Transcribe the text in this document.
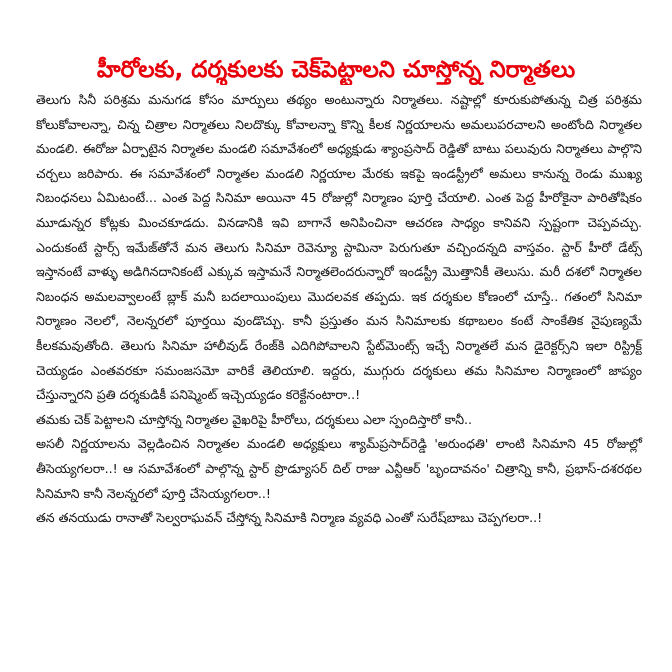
హీరోలకు, దర్శకులకు చెక్‌పెట్టాలని చూస్తోన్న నిర్మాతలు

తెలుగు సినీ పరిశ్రమ మనుగడ కోసం మార్పులు తథ్యం అంటున్నారు నిర్మాతలు. నష్టాల్లో కూరుకుపోతున్న చిత్ర పరిశ్రమ కోలుకోవాలన్నా, చిన్న చిత్రాల నిర్మాతలు నిలదొక్కు కోవాలన్నా కొన్ని కీలక నిర్ణయాలను అమలుపరచాలని అంటోంది నిర్మాతల మండలి. ఈరోజు ఏర్పాటైన నిర్మాతల మండలి సమావేశంలో అధ్యక్షుడు శ్యాంప్రసాద్ రెడ్డితో బాటు పలువురు నిర్మాతలు పాల్గొని చర్చలు జరిపారు. ఈ సమావేశంలో నిర్మాతల మండలి నిర్ణయాల మేరకు ఇకపై ఇండస్ట్రీలో అమలు కానున్న రెండు ముఖ్య నిబంధనలు ఏమిటంటే... ఎంత పెద్ద సినిమా అయినా 45 రోజుల్లో నిర్మాణం పూర్తి చేయాలి. ఎంత పెద్ద హీరోకైనా పారితోషికం మూడున్నర కోట్లకు మించకూడదు. వినడానికి ఇవి బాగానే అనిపించినా ఆచరణ సాధ్యం కానివని స్పష్టంగా చెప్పవచ్చు. ఎందుకంటే స్టార్స్ ఇమేజ్‌తోనే మన తెలుగు సినిమా రెవెన్యూ స్టామినా పెరుగుతూ వచ్చిందన్నది వాస్తవం. స్టార్ హీరో డేట్స్ ఇస్తానంటే వాళ్ళు అడిగినదానికంటే ఎక్కువ ఇస్తామనే నిర్మాతలెందరున్నారో ఇండస్ట్రీ మొత్తానికీ తెలుసు. మరీ దశలో నిర్మాతల నిబంధన అమలవ్వాలంటే బ్లాక్ మనీ బదలాయింపులు మొదలవక తప్పదు. ఇక దర్శకుల కోణంలో చూస్తే.. గతంలో సినిమా నిర్మాణం నెలలో, నెలన్నరలో పూర్తయి వుండొచ్చు. కానీ ప్రస్తుతం మన సినిమాలకు కథాబలం కంటే సాంకేతిక నైపుణ్యమే కీలకమవుతోంది. తెలుగు సినిమా హాలీవుడ్ రేంజ్‌కి ఎదిగిపోవాలని స్టేట్‌మెంట్స్ ఇచ్చే నిర్మాతలే మన డైరెక్టర్స్‌ని ఇలా రిస్ట్రిక్ట్ చెయ్యడం ఎంతవరకూ సమంజసమో వారికే తెలియాలి. ఇద్దరు, ముగ్గురు దర్శకులు తమ సినిమాల నిర్మాణంలో జాప్యం చేస్తున్నారని ప్రతి దర్శకుడికీ పనిష్మెంట్ ఇచ్చెయ్యడం కరెక్టేనంటారా..!

తమకు చెక్ పెట్టాలని చూస్తోన్న నిర్మాతల వైఖరిపై హీరోలు, దర్శకులు ఎలా స్పందిస్తారో కానీ..

అసలీ నిర్ణయాలను వెల్లడించిన నిర్మాతల మండలి అధ్యక్షులు శ్యామ్‌ప్రసాద్‌రెడ్డి 'అరుంధతి' లాంటి సినిమాని 45 రోజుల్లో తీసెయ్యగలరా..! ఆ సమావేశంలో పాల్గొన్న స్టార్ ప్రొడ్యూసర్ దిల్ రాజు ఎన్టీఆర్ 'బృందావనం' చిత్రాన్ని కానీ, ప్రభాస్-దశరథల సినిమాని కానీ నెలన్నరలో పూర్తి చేసెయ్యగలరా..!

తన తనయుడు రానాతో సెల్వరాఘవన్ చేస్తోన్న సినిమాకి నిర్మాణ వ్యవధి ఎంతో సురేష్‌బాబు చెప్పగలరా..!
